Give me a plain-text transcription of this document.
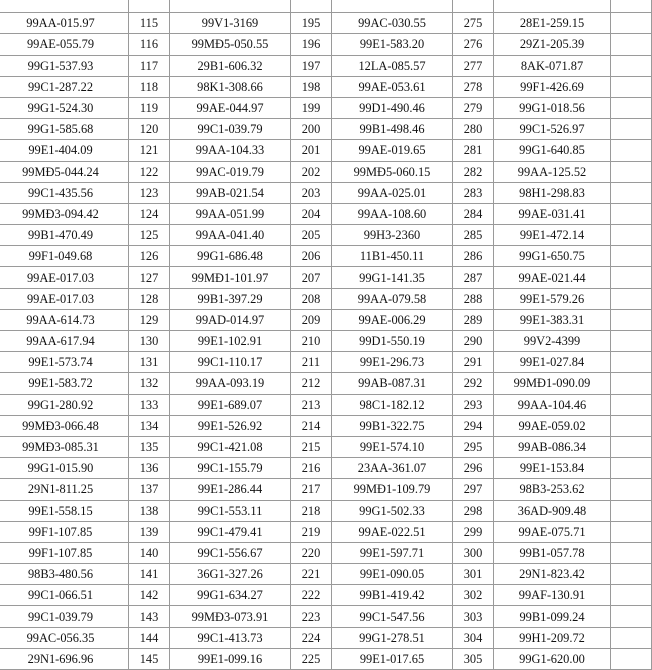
99AA-015.97	115	99V1-3169	195	99AC-030.55	275	28E1-259.15	
99AE-055.79	116	99MĐ5-050.55	196	99E1-583.20	276	29Z1-205.39	
99G1-537.93	117	29B1-606.32	197	12LA-085.57	277	8AK-071.87	
99C1-287.22	118	98K1-308.66	198	99AE-053.61	278	99F1-426.69	
99G1-524.30	119	99AE-044.97	199	99D1-490.46	279	99G1-018.56	
99G1-585.68	120	99C1-039.79	200	99B1-498.46	280	99C1-526.97	
99E1-404.09	121	99AA-104.33	201	99AE-019.65	281	99G1-640.85	
99MĐ5-044.24	122	99AC-019.79	202	99MĐ5-060.15	282	99AA-125.52	
99C1-435.56	123	99AB-021.54	203	99AA-025.01	283	98H1-298.83	
99MĐ3-094.42	124	99AA-051.99	204	99AA-108.60	284	99AE-031.41	
99B1-470.49	125	99AA-041.40	205	99H3-2360	285	99E1-472.14	
99F1-049.68	126	99G1-686.48	206	11B1-450.11	286	99G1-650.75	
99AE-017.03	127	99MĐ1-101.97	207	99G1-141.35	287	99AE-021.44	
99AE-017.03	128	99B1-397.29	208	99AA-079.58	288	99E1-579.26	
99AA-614.73	129	99AD-014.97	209	99AE-006.29	289	99E1-383.31	
99AA-617.94	130	99E1-102.91	210	99D1-550.19	290	99V2-4399	
99E1-573.74	131	99C1-110.17	211	99E1-296.73	291	99E1-027.84	
99E1-583.72	132	99AA-093.19	212	99AB-087.31	292	99MĐ1-090.09	
99G1-280.92	133	99E1-689.07	213	98C1-182.12	293	99AA-104.46	
99MĐ3-066.48	134	99E1-526.92	214	99B1-322.75	294	99AE-059.02	
99MĐ3-085.31	135	99C1-421.08	215	99E1-574.10	295	99AB-086.34	
99G1-015.90	136	99C1-155.79	216	23AA-361.07	296	99E1-153.84	
29N1-811.25	137	99E1-286.44	217	99MĐ1-109.79	297	98B3-253.62	
99E1-558.15	138	99C1-553.11	218	99G1-502.33	298	36AD-909.48	
99F1-107.85	139	99C1-479.41	219	99AE-022.51	299	99AE-075.71	
99F1-107.85	140	99C1-556.67	220	99E1-597.71	300	99B1-057.78	
98B3-480.56	141	36G1-327.26	221	99E1-090.05	301	29N1-823.42	
99C1-066.51	142	99G1-634.27	222	99B1-419.42	302	99AF-130.91	
99C1-039.79	143	99MĐ3-073.91	223	99C1-547.56	303	99B1-099.24	
99AC-056.35	144	99C1-413.73	224	99G1-278.51	304	99H1-209.72	
29N1-696.96	145	99E1-099.16	225	99E1-017.65	305	99G1-620.00	
